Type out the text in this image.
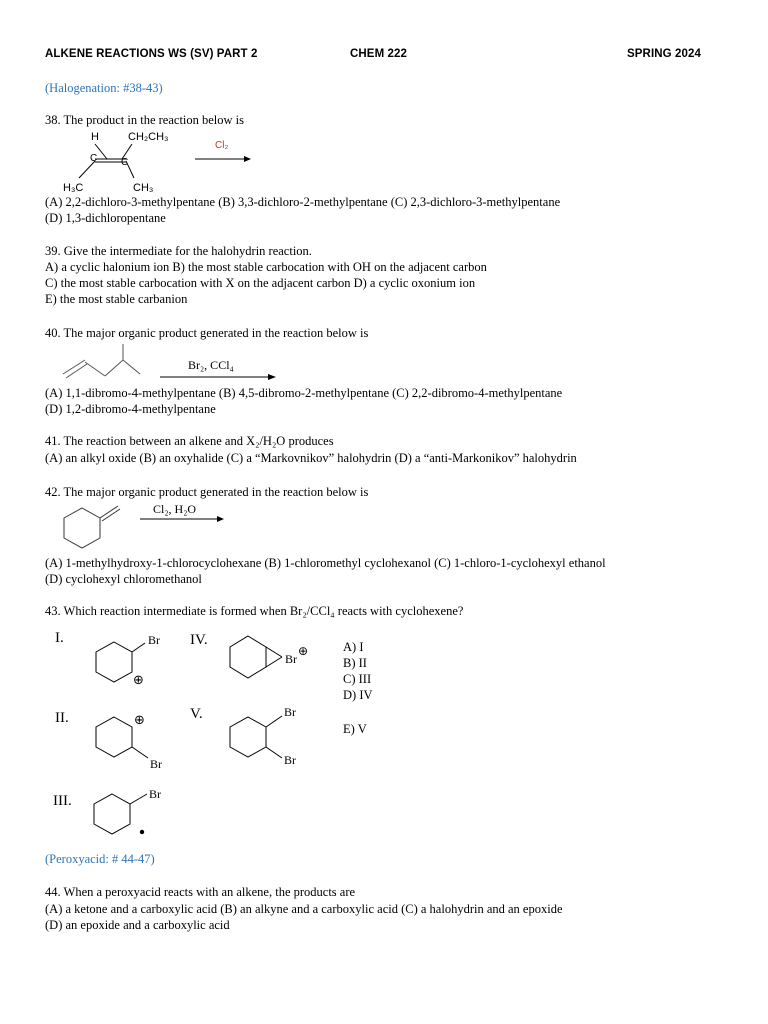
ALKENE REACTIONS WS (SV) PART 2	CHEM 222	SPRING 2024
(Halogenation: #38-43)
38. The product in the reaction below is
C C
H	CH₂CH₃
H₃C	CH₃
Cl₂
(A) 2,2-dichloro-3-methylpentane (B) 3,3-dichloro-2-methylpentane (C) 2,3-dichloro-3-methylpentane
(D) 1,3-dichloropentane
39. Give the intermediate for the halohydrin reaction.
A) a cyclic halonium ion B) the most stable carbocation with OH on the adjacent carbon
C) the most stable carbocation with X on the adjacent carbon D) a cyclic oxonium ion
E) the most stable carbanion
40. The major organic product generated in the reaction below is
Br₂, CCl₄
(A) 1,1-dibromo-4-methylpentane (B) 4,5-dibromo-2-methylpentane (C) 2,2-dibromo-4-methylpentane
(D) 1,2-dibromo-4-methylpentane
41. The reaction between an alkene and X₂/H₂O produces
(A) an alkyl oxide (B) an oxyhalide (C) a “Markovnikov” halohydrin (D) a “anti-Markonikov” halohydrin
42. The major organic product generated in the reaction below is
Cl₂, H₂O
(A) 1-methylhydroxy-1-chlorocyclohexane (B) 1-chloromethyl cyclohexanol (C) 1-chloro-1-cyclohexyl ethanol
(D) cyclohexyl chloromethanol
43. Which reaction intermediate is formed when Br₂/CCl₄ reacts with cyclohexene?
I.	Br
⊕
IV.
Br
⊕
II.
Br
⊕	V.	Br
Br
III.	Br
A) I
B) II
C) III
D) IV
E) V
(Peroxyacid: # 44-47)
44. When a peroxyacid reacts with an alkene, the products are
(A) a ketone and a carboxylic acid (B) an alkyne and a carboxylic acid (C) a halohydrin and an epoxide
(D) an epoxide and a carboxylic acid
